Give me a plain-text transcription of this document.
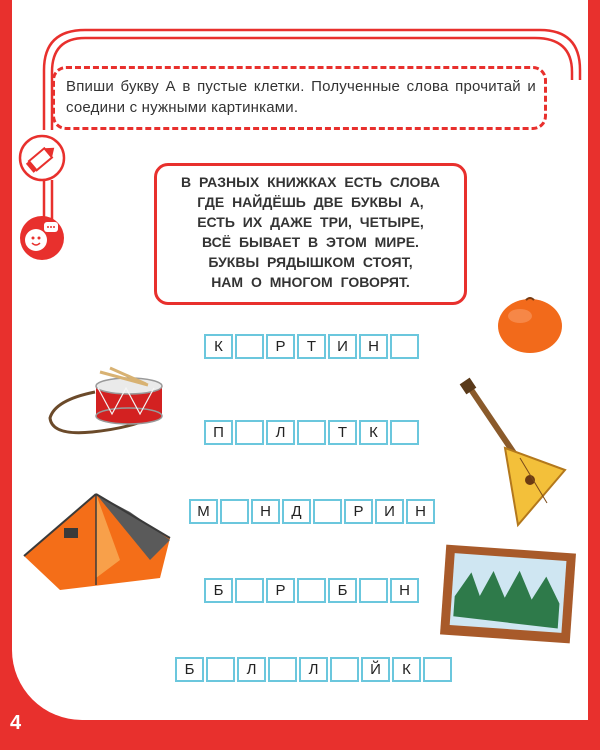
Впиши букву А в пустые клетки. Полученные слова прочитай и соедини с нужными картинками.
В РАЗНЫХ КНИЖКАХ ЕСТЬ СЛОВА
ГДЕ НАЙДЁШЬ ДВЕ БУКВЫ А,
ЕСТЬ ИХ ДАЖЕ ТРИ, ЧЕТЫРЕ,
ВСЁ БЫВАЕТ В ЭТОМ МИРЕ.
БУКВЫ РЯДЫШКОМ СТОЯТ,
НАМ О МНОГОМ ГОВОРЯТ.
К	Р	Т	И	Н
П	Л	Т	К
М	Н	Д	Р	И	Н
Б	Р	Б	Н
Б	Л	Л	Й	К
4
